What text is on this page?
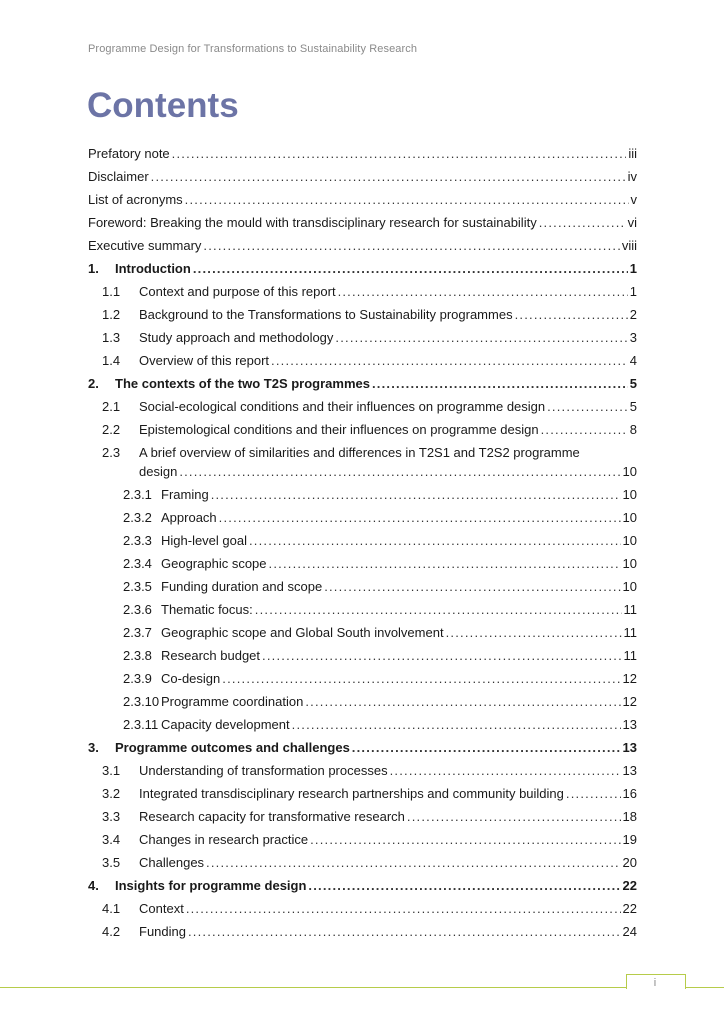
Programme Design for Transformations to Sustainability Research
Contents
Prefatory note .....	iii
Disclaimer .....	iv
List of acronyms .....	v
Foreword: Breaking the mould with transdisciplinary research for sustainability .....	vi
Executive summary .....	viii
1.	Introduction .....	1
1.1	Context and purpose of this report .....	1
1.2	Background to the Transformations to Sustainability programmes .....	2
1.3	Study approach and methodology .....	3
1.4	Overview of this report .....	4
2.	The contexts of the two T2S programmes .....	5
2.1	Social-ecological conditions and their influences on programme design .....	5
2.2	Epistemological conditions and their influences on programme design .....	8
2.3	A brief overview of similarities and differences in T2S1 and T2S2 programme
design .....	10
2.3.1 Framing .....	10
2.3.2 Approach .....	10
2.3.3 High-level goal .....	10
2.3.4 Geographic scope .....	10
2.3.5 Funding duration and scope .....	10
2.3.6 Thematic focus: .....	11
2.3.7 Geographic scope and Global South involvement .....	11
2.3.8 Research budget .....	11
2.3.9 Co-design .....	12
2.3.10 Programme coordination .....	12
2.3.11 Capacity development .....	13
3.	Programme outcomes and challenges .....	13
3.1	Understanding of transformation processes .....	13
3.2	Integrated transdisciplinary research partnerships and community building .....	16
3.3	Research capacity for transformative research .....	18
3.4	Changes in research practice .....	19
3.5	Challenges .....	20
4.	Insights for programme design .....	22
4.1	Context .....	22
4.2	Funding .....	24
i
